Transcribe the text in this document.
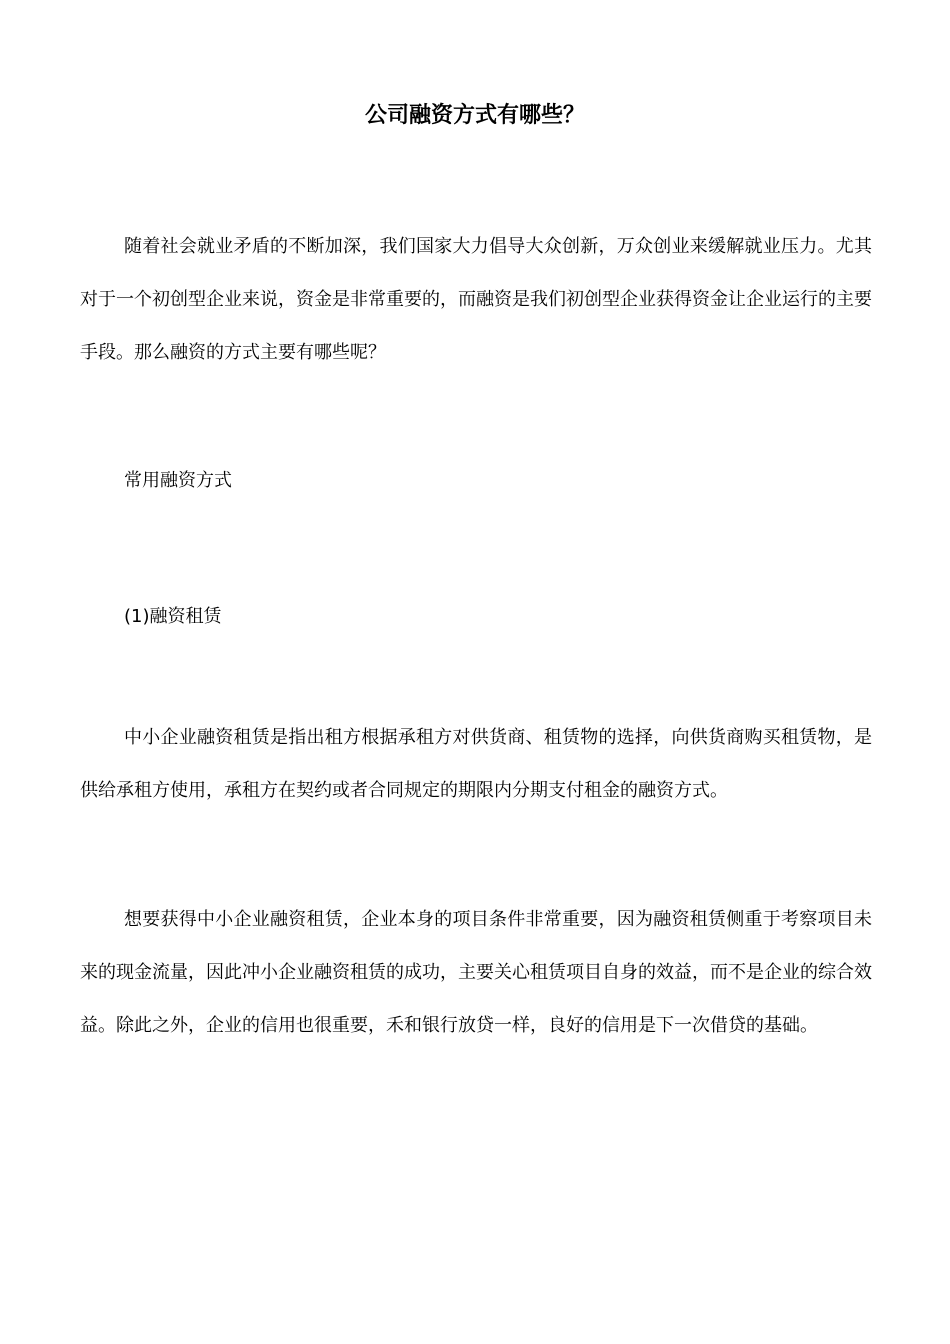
公司融资方式有哪些？

随着社会就业矛盾的不断加深，我们国家大力倡导大众创新，万众创业来缓解就业压力。尤其对于一个初创型企业来说，资金是非常重要的，而融资是我们初创型企业获得资金让企业运行的主要手段。那么融资的方式主要有哪些呢？

常用融资方式

(1)融资租赁

中小企业融资租赁是指出租方根据承租方对供货商、租赁物的选择，向供货商购买租赁物，是供给承租方使用，承租方在契约或者合同规定的期限内分期支付租金的融资方式。

想要获得中小企业融资租赁，企业本身的项目条件非常重要，因为融资租赁侧重于考察项目未来的现金流量，因此冲小企业融资租赁的成功，主要关心租赁项目自身的效益，而不是企业的综合效益。除此之外，企业的信用也很重要，禾和银行放贷一样，良好的信用是下一次借贷的基础。
